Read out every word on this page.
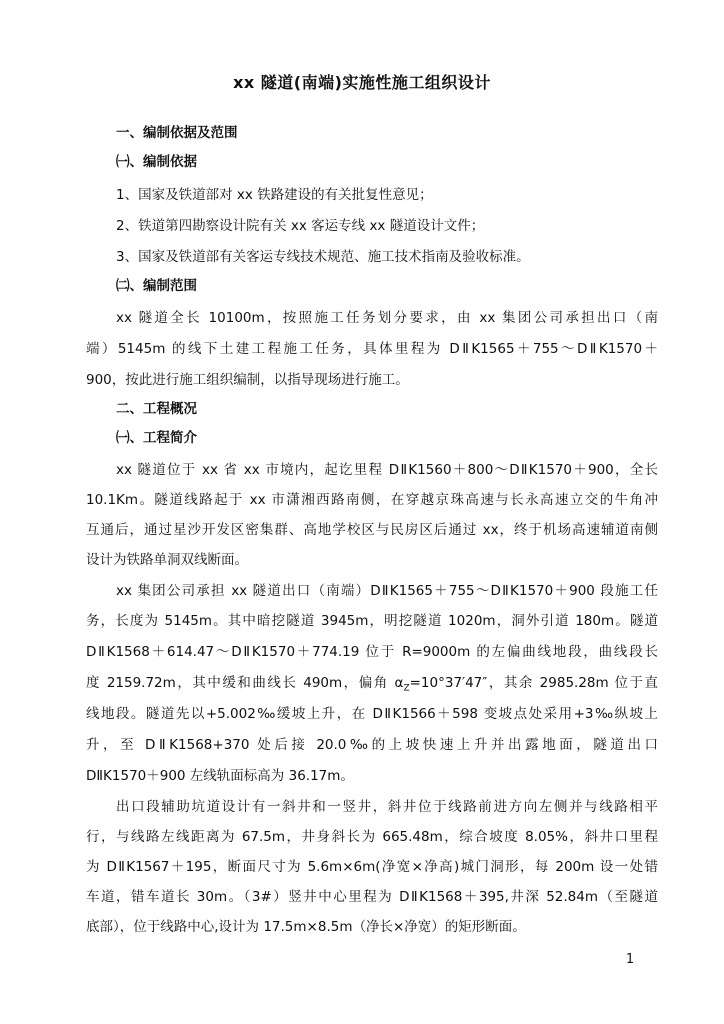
xx 隧道(南端)实施性施工组织设计
一、编制依据及范围
㈠、编制依据
1、国家及铁道部对 xx 铁路建设的有关批复性意见；
2、铁道第四勘察设计院有关 xx 客运专线 xx 隧道设计文件；
3、国家及铁道部有关客运专线技术规范、施工技术指南及验收标准。
㈡、编制范围
xx 隧道全长 10100m，按照施工任务划分要求，由 xx 集团公司承担出口（南
端）5145m 的线下土建工程施工任务，具体里程为 DⅡK1565＋755～DⅡK1570＋
900，按此进行施工组织编制，以指导现场进行施工。
二、工程概况
㈠、工程简介
xx 隧道位于 xx 省 xx 市境内，起讫里程 DⅡK1560＋800～DⅡK1570＋900，全长
10.1Km。隧道线路起于 xx 市潇湘西路南侧，在穿越京珠高速与长永高速立交的牛角冲
互通后，通过星沙开发区密集群、高地学校区与民房区后通过 xx，终于机场高速辅道南侧
设计为铁路单洞双线断面。
xx 集团公司承担 xx 隧道出口（南端）DⅡK1565＋755～DⅡK1570＋900 段施工任
务，长度为 5145m。其中暗挖隧道 3945m，明挖隧道 1020m，洞外引道 180m。隧道
DⅡK1568＋614.47～DⅡK1570＋774.19 位于 R=9000m 的左偏曲线地段，曲线段长
度 2159.72m，其中缓和曲线长 490m，偏角 $\alpha_Z=10^\circ 37'47''$，其余 2985.28m 位于直
线地段。隧道先以+5.002‰缓坡上升，在 DⅡK1566＋598 变坡点处采用+3‰纵坡上
升，至 DⅡK1568+370 处后接 20.0‰的上坡快速上升并出露地面，隧道出口
DⅡK1570＋900 左线轨面标高为 36.17m。
出口段辅助坑道设计有一斜井和一竖井，斜井位于线路前进方向左侧并与线路相平
行，与线路左线距离为 67.5m，井身斜长为 665.48m，综合坡度 8.05%，斜井口里程
为 DⅡK1567＋195，断面尺寸为 5.6m×6m(净宽×净高)城门洞形，每 200m 设一处错
车道，错车道长 30m。（3#）竖井中心里程为 DⅡK1568＋395,井深 52.84m（至隧道
底部），位于线路中心,设计为 17.5m×8.5m（净长×净宽）的矩形断面。
1
